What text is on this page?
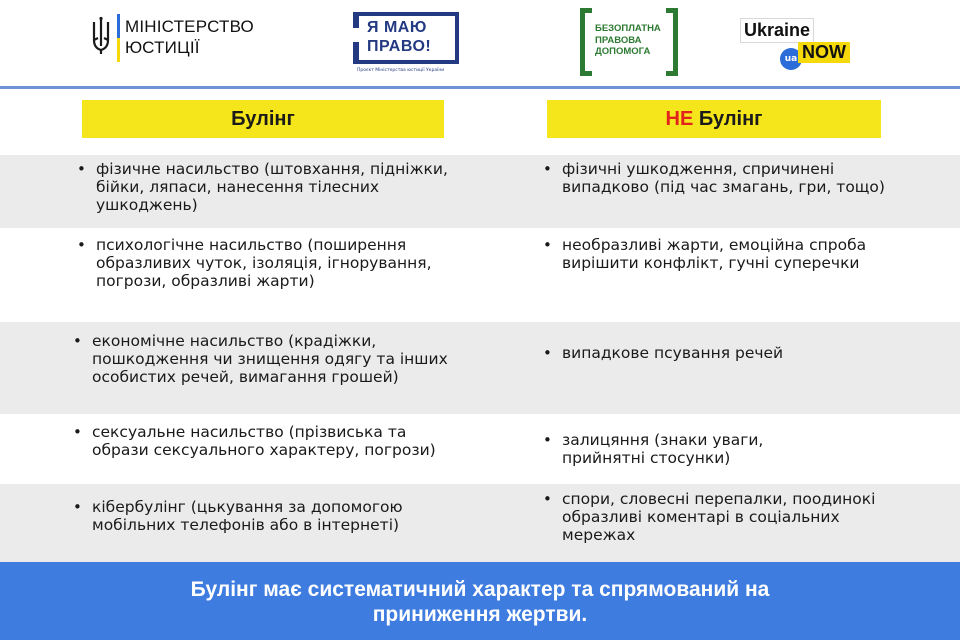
МІНІСТЕРСТВО
ЮСТИЦІЇ
Я МАЮ
ПРАВО!
Проєкт Міністерства юстиції України
БЕЗОПЛАТНА
ПРАВОВА
ДОПОМОГА
Ukraine
ua NOW
Булінг	НЕ Булінг
• фізичне насильство (штовхання, підніжки, бійки, ляпаси, нанесення тілесних ушкоджень)
• фізичні ушкодження, спричинені випадково (під час змагань, гри, тощо)
• психологічне насильство (поширення образливих чуток, ізоляція, ігнорування, погрози, образливі жарти)
• необразливі жарти, емоційна спроба вирішити конфлікт, гучні суперечки
• економічне насильство (крадіжки, пошкодження чи знищення одягу та інших особистих речей, вимагання грошей)
• випадкове псування речей
• сексуальне насильство (прізвиська та образи сексуального характеру, погрози)
• залицяння (знаки уваги, прийнятні стосунки)
• кібербулінг (цькування за допомогою мобільних телефонів або в інтернеті)
• спори, словесні перепалки, поодинокі образливі коментарі в соціальних мережах
Булінг має систематичний характер та спрямований на
приниження жертви.
